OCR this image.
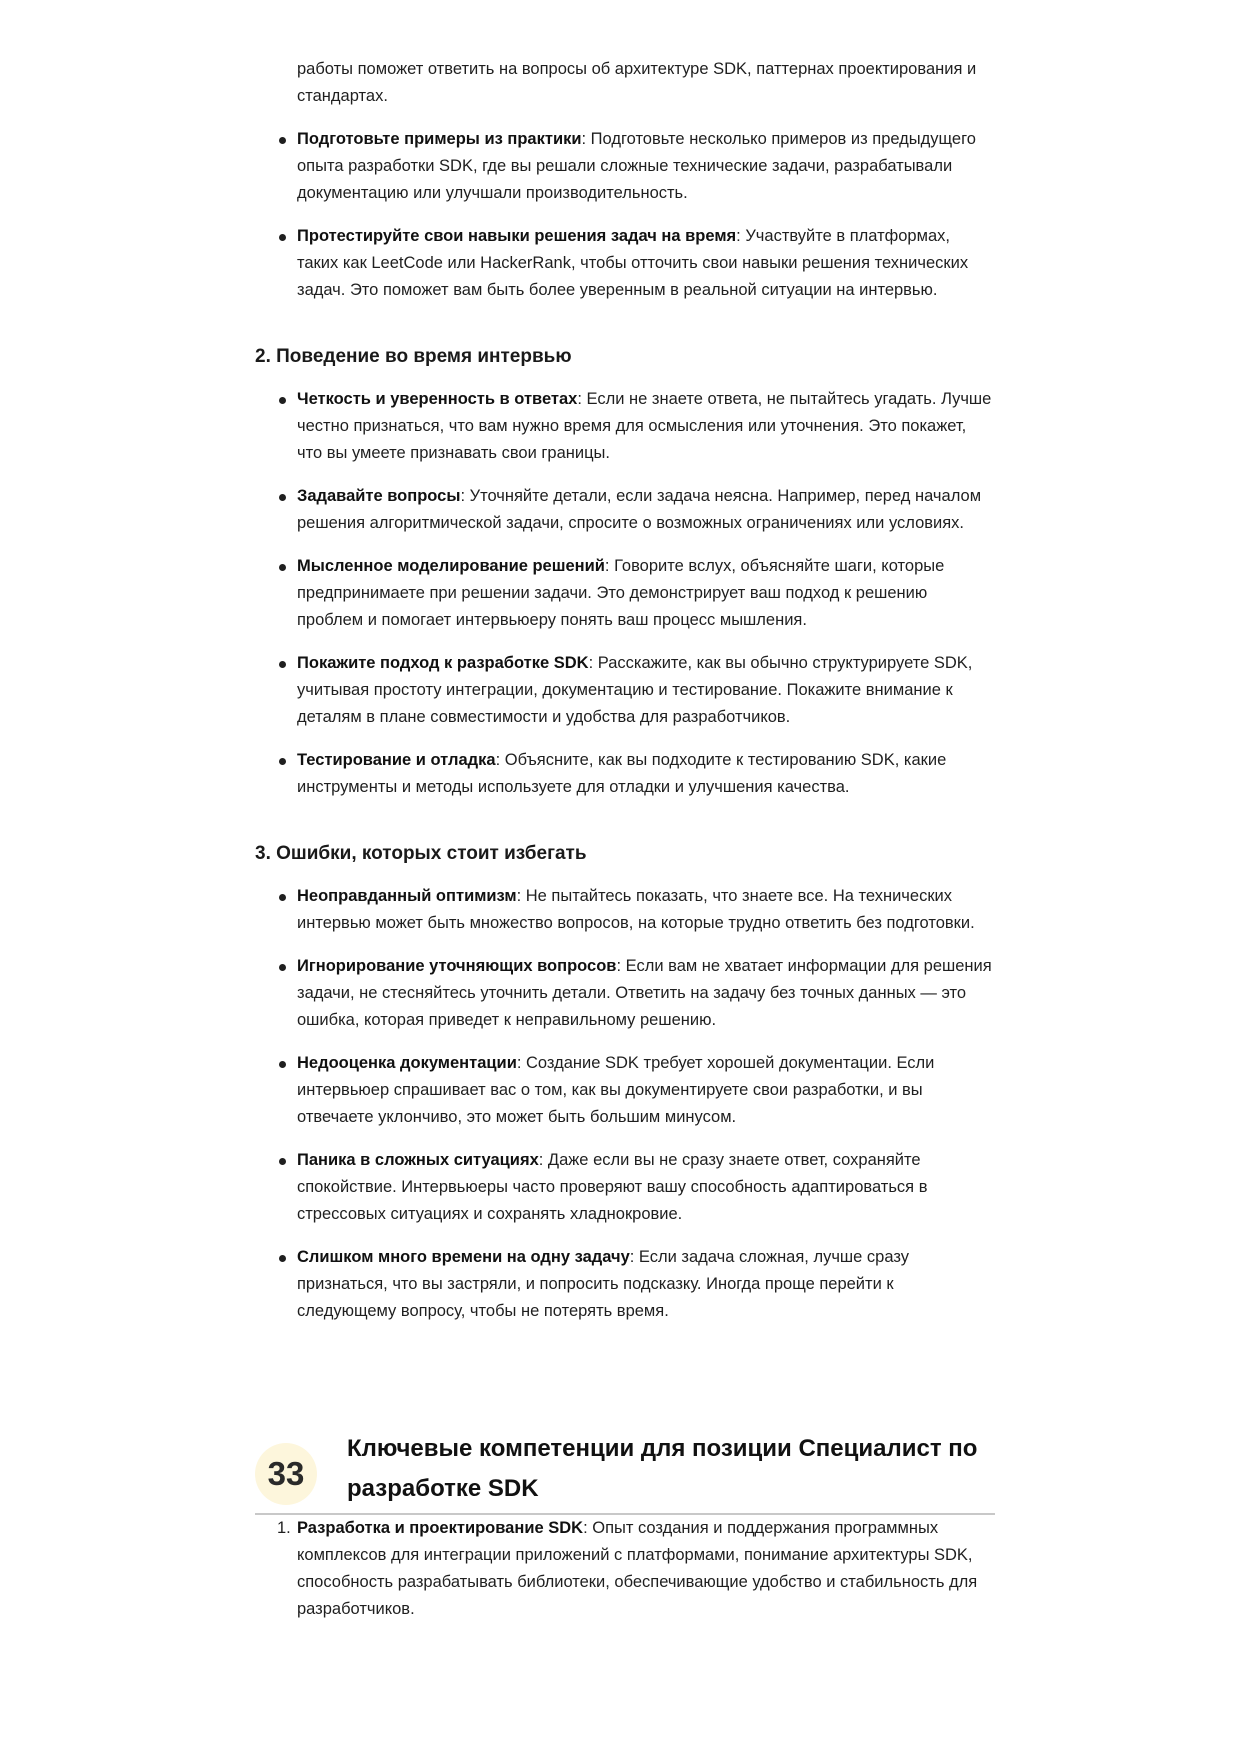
работы поможет ответить на вопросы об архитектуре SDK, паттернах проектирования и стандартах.

Подготовьте примеры из практики: Подготовьте несколько примеров из предыдущего опыта разработки SDK, где вы решали сложные технические задачи, разрабатывали документацию или улучшали производительность.
Протестируйте свои навыки решения задач на время: Участвуйте в платформах, таких как LeetCode или HackerRank, чтобы отточить свои навыки решения технических задач. Это поможет вам быть более уверенным в реальной ситуации на интервью.
2. Поведение во время интервью
Четкость и уверенность в ответах: Если не знаете ответа, не пытайтесь угадать. Лучше честно признаться, что вам нужно время для осмысления или уточнения. Это покажет, что вы умеете признавать свои границы.
Задавайте вопросы: Уточняйте детали, если задача неясна. Например, перед началом решения алгоритмической задачи, спросите о возможных ограничениях или условиях.
Мысленное моделирование решений: Говорите вслух, объясняйте шаги, которые предпринимаете при решении задачи. Это демонстрирует ваш подход к решению проблем и помогает интервьюеру понять ваш процесс мышления.
Покажите подход к разработке SDK: Расскажите, как вы обычно структурируете SDK, учитывая простоту интеграции, документацию и тестирование. Покажите внимание к деталям в плане совместимости и удобства для разработчиков.
Тестирование и отладка: Объясните, как вы подходите к тестированию SDK, какие инструменты и методы используете для отладки и улучшения качества.
3. Ошибки, которых стоит избегать
Неоправданный оптимизм: Не пытайтесь показать, что знаете все. На технических интервью может быть множество вопросов, на которые трудно ответить без подготовки.
Игнорирование уточняющих вопросов: Если вам не хватает информации для решения задачи, не стесняйтесь уточнить детали. Ответить на задачу без точных данных — это ошибка, которая приведет к неправильному решению.
Недооценка документации: Создание SDK требует хорошей документации. Если интервьюер спрашивает вас о том, как вы документируете свои разработки, и вы отвечаете уклончиво, это может быть большим минусом.
Паника в сложных ситуациях: Даже если вы не сразу знаете ответ, сохраняйте спокойствие. Интервьюеры часто проверяют вашу способность адаптироваться в стрессовых ситуациях и сохранять хладнокровие.
Слишком много времени на одну задачу: Если задача сложная, лучше сразу признаться, что вы застряли, и попросить подсказку. Иногда проще перейти к следующему вопросу, чтобы не потерять время.
33
Ключевые компетенции для позиции Специалист по разработке SDK
1. Разработка и проектирование SDK: Опыт создания и поддержания программных комплексов для интеграции приложений с платформами, понимание архитектуры SDK, способность разрабатывать библиотеки, обеспечивающие удобство и стабильность для разработчиков.
